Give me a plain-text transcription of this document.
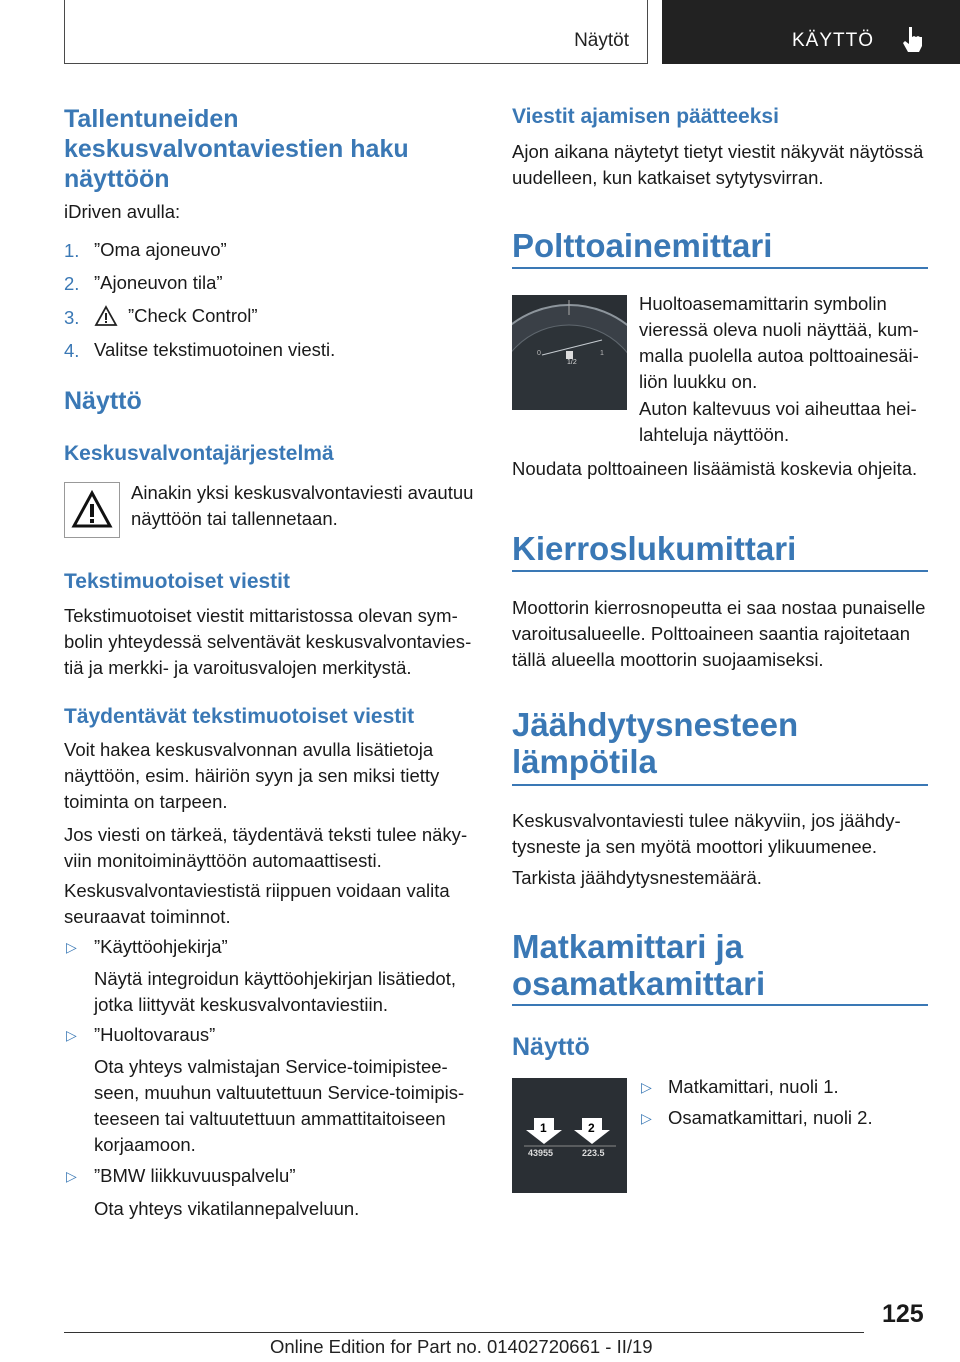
Näytöt	KÄYTTÖ
Tallentuneiden keskusvalvontaviestien haku näyttöön

iDriven avulla:

1. ”Oma ajoneuvo”

2. ”Ajoneuvon tila”

3.	”Check Control”

4. Valitse tekstimuotoinen viesti.

Näyttö
Keskusvalvontajärjestelmä

Ainakin yksi keskusvalvontaviesti avautuu näyttöön tai tallennetaan.

Tekstimuotoiset viestit

Tekstimuotoiset viestit mittaristossa olevan symbolin yhteydessä selventävät keskusvalvontaviestiä ja merkki- ja varoitusvalojen merkitystä.

Täydentävät tekstimuotoiset viestit

Voit hakea keskusvalvonnan avulla lisätietoja näyttöön, esim. häiriön syyn ja sen miksi tietty toiminta on tarpeen.

Jos viesti on tärkeä, täydentävä teksti tulee näkyviin monitoiminäyttöön automaattisesti.

Keskusvalvontaviestistä riippuen voidaan valita seuraavat toiminnot.

▷ ”Käyttöohjekirja”

Näytä integroidun käyttöohjekirjan lisätiedot, jotka liittyvät keskusvalvontaviestiin.

▷ ”Huoltovaraus”

Ota yhteys valmistajan Service-toimipisteeseen, muuhun valtuutettuun Service-toimipisteeseen tai valtuutettuun ammattitaitoiseen korjaamoon.

▷ ”BMW liikkuvuuspalvelu”

Ota yhteys vikatilannepalveluun.

Viestit ajamisen päätteeksi

Ajon aikana näytetyt tietyt viestit näkyvät näytössä uudelleen, kun katkaiset sytytysvirran.

Polttoainemittari
0	1
1/2

Huoltoasemamittarin symbolin vieressä oleva nuoli näyttää, kummalla puolella autoa polttoainesäiliön luukku on.

Auton kaltevuus voi aiheuttaa heilahteluja näyttöön.

Noudata polttoaineen lisäämistä koskevia ohjeita.

Kierroslukumittari

Moottorin kierrosnopeutta ei saa nostaa punaiselle varoitusalueelle. Polttoaineen saantia rajoitetaan tällä alueella moottorin suojaamiseksi.

Jäähdytysnesteen lämpötila

Keskusvalvontaviesti tulee näkyviin, jos jäähdytysneste ja sen myötä moottori ylikuumenee.

Tarkista jäähdytysnestemäärä.

Matkamittari ja osamatkamittari
Näyttö
1	2
43955	223.5
▷ Matkamittari, nuoli 1.

▷ Osamatkamittari, nuoli 2.

125
Online Edition for Part no. 01402720661 - II/19
